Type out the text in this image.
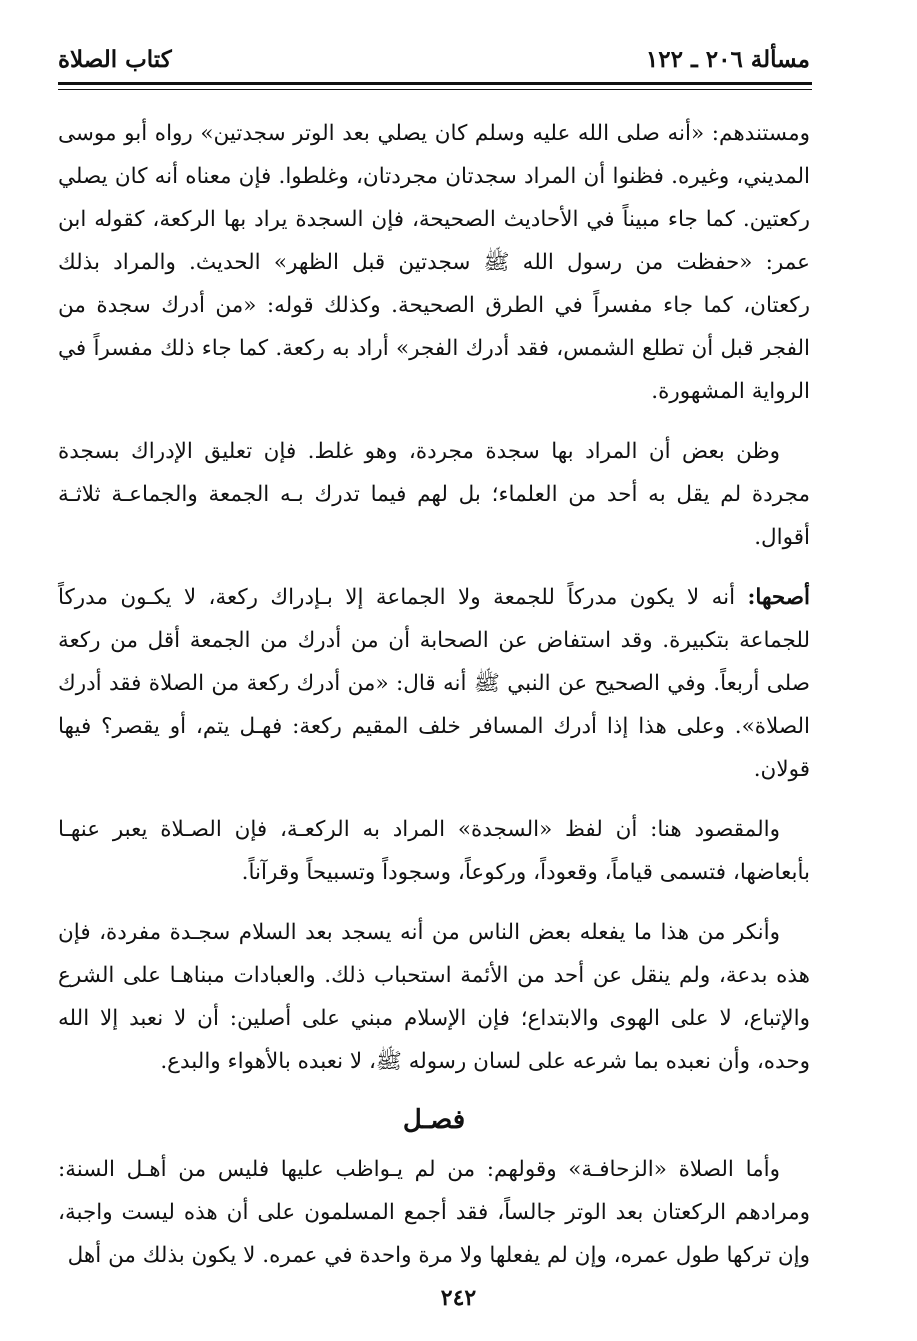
مسألة ٢٠٦ ـ ١٢٢
كتاب الصلاة

ومستندهم: «أنه صلى الله عليه وسلم كان يصلي بعد الوتر سجدتين» رواه أبو موسى المديني، وغيره. فظنوا أن المراد سجدتان مجردتان، وغلطوا. فإن معناه أنه كان يصلي ركعتين. كما جاء مبيناً في الأحاديث الصحيحة، فإن السجدة يراد بها الركعة، كقوله ابن عمر: «حفظت من رسول الله ﷺ سجدتين قبل الظهر» الحديث. والمراد بذلك ركعتان، كما جاء مفسراً في الطرق الصحيحة. وكذلك قوله: «من أدرك سجدة من الفجر قبل أن تطلع الشمس، فقد أدرك الفجر» أراد به ركعة. كما جاء ذلك مفسراً في الرواية المشهورة.

وظن بعض أن المراد بها سجدة مجردة، وهو غلط. فإن تعليق الإدراك بسجدة مجردة لم يقل به أحد من العلماء؛ بل لهم فيما تدرك بـه الجمعة والجماعـة ثلاثـة أقوال.

أصحها: أنه لا يكون مدركاً للجمعة ولا الجماعة إلا بـإدراك ركعة، لا يكـون مدركاً للجماعة بتكبيرة. وقد استفاض عن الصحابة أن من أدرك من الجمعة أقل من ركعة صلى أربعاً. وفي الصحيح عن النبي ﷺ أنه قال: «من أدرك ركعة من الصلاة فقد أدرك الصلاة». وعلى هذا إذا أدرك المسافر خلف المقيم ركعة: فهـل يتم، أو يقصر؟ فيها قولان.

والمقصود هنا: أن لفظ «السجدة» المراد به الركعـة، فإن الصـلاة يعبر عنهـا بأبعاضها، فتسمى قياماً، وقعوداً، وركوعاً، وسجوداً وتسبيحاً وقرآناً.

وأنكر من هذا ما يفعله بعض الناس من أنه يسجد بعد السلام سجـدة مفردة، فإن هذه بدعة، ولم ينقل عن أحد من الأئمة استحباب ذلك. والعبادات مبناهـا على الشرع والإتباع، لا على الهوى والابتداع؛ فإن الإسلام مبني على أصلين: أن لا نعبد إلا الله وحده، وأن نعبده بما شرعه على لسان رسوله ﷺ، لا نعبده بالأهواء والبدع.

فصـل

وأما الصلاة «الزحافـة» وقولهم: من لم يـواظب عليها فليس من أهـل السنة: ومرادهم الركعتان بعد الوتر جالساً، فقد أجمع المسلمون على أن هذه ليست واجبة، وإن تركها طول عمره، وإن لم يفعلها ولا مرة واحدة في عمره. لا يكون بذلك من أهل

٢٤٢
